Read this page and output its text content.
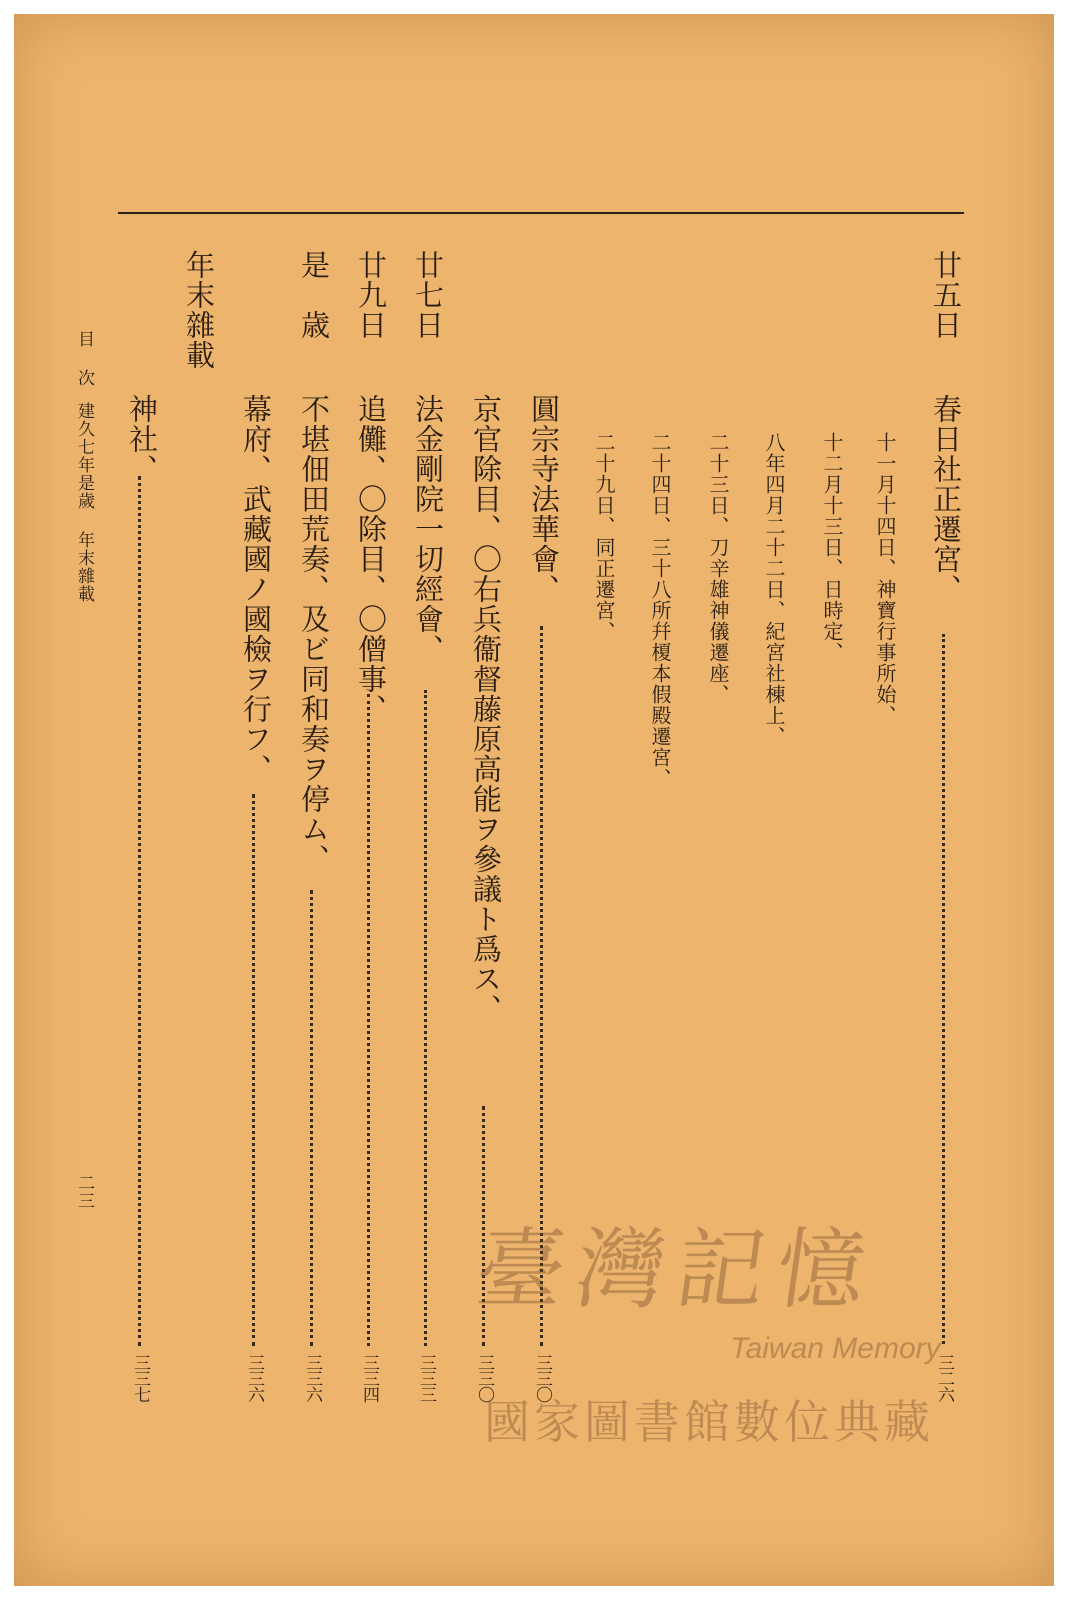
廿五日
春日社正遷宮、
三二六
十一月十四日、神寶行事所始、
十二月十三日、日時定、
八年四月二十二日、紀宮社棟上、
二十三日、刀辛雄神儀遷座、
二十四日、三十八所幷榎本假殿遷宮、
二十九日、同正遷宮、
圓宗寺法華會、
三三〇
京官除目、〇右兵衞督藤原高能ヲ參議ト爲ス、
三三〇
廿七日
法金剛院一切經會、
三三三
廿九日
追儺、〇除目、〇僧事、
三三四
是　歳
不堪佃田荒奏、及ビ同和奏ヲ停ム、
三三六
幕府、武藏國ノ國檢ヲ行フ、
三三六
年末雜載
神社、
三三七
目 次
建久七年是歲 年末雜載
二三
臺灣記憶
Taiwan Memory
國家圖書館數位典藏
